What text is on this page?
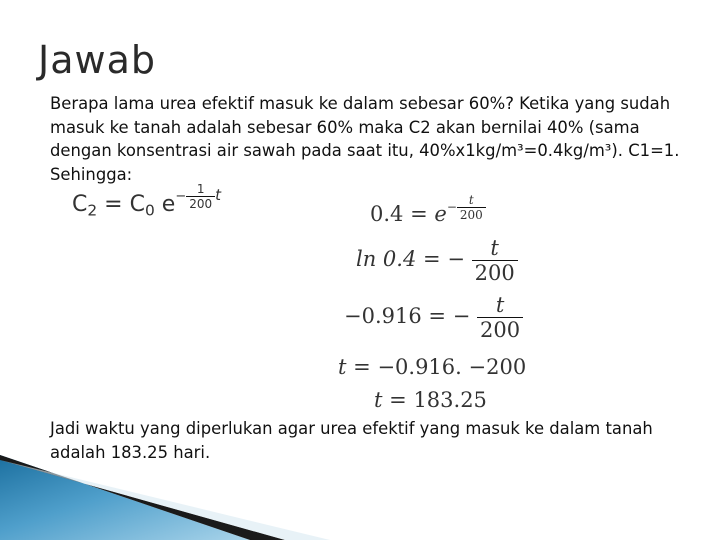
Jawab
Berapa lama urea efektif masuk ke dalam sebesar 60%? Ketika yang sudah masuk ke tanah adalah sebesar 60% maka C2 akan bernilai 40% (sama dengan konsentrasi air sawah pada saat itu, 40%x1kg/m³=0.4kg/m³). C1=1. Sehingga:
$C_2 = C_0$ $e^{- \frac{1}{200} t}$
$0.4 = e^{- \frac{t}{200}}$
ln 0.4 = − $\frac{t}{200}$
−0.916 = − $\frac{t}{200}$
t = −0.916. −200
t = 183.25
Jadi waktu yang diperlukan agar urea efektif yang masuk ke dalam tanah adalah 183.25 hari.
